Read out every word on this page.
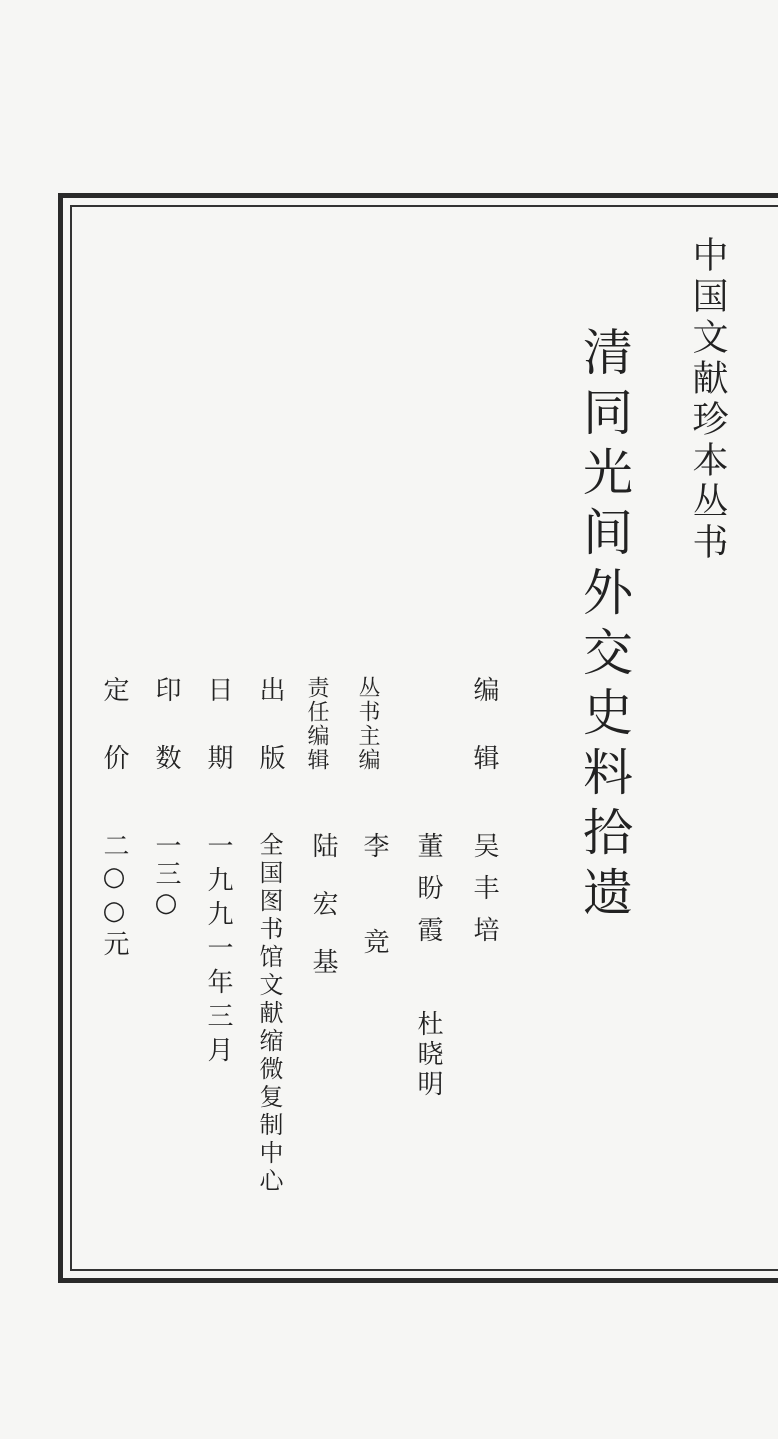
中国文献珍本丛书
清同光间外交史料拾遗
编辑
吴丰培
董盼霞
杜晓明
丛书主编
李竞
责任编辑
陆宏基
出版
全国图书馆文献缩微复制中心
日期
一九九一年三月
印数
一三○
定价
二○○元
